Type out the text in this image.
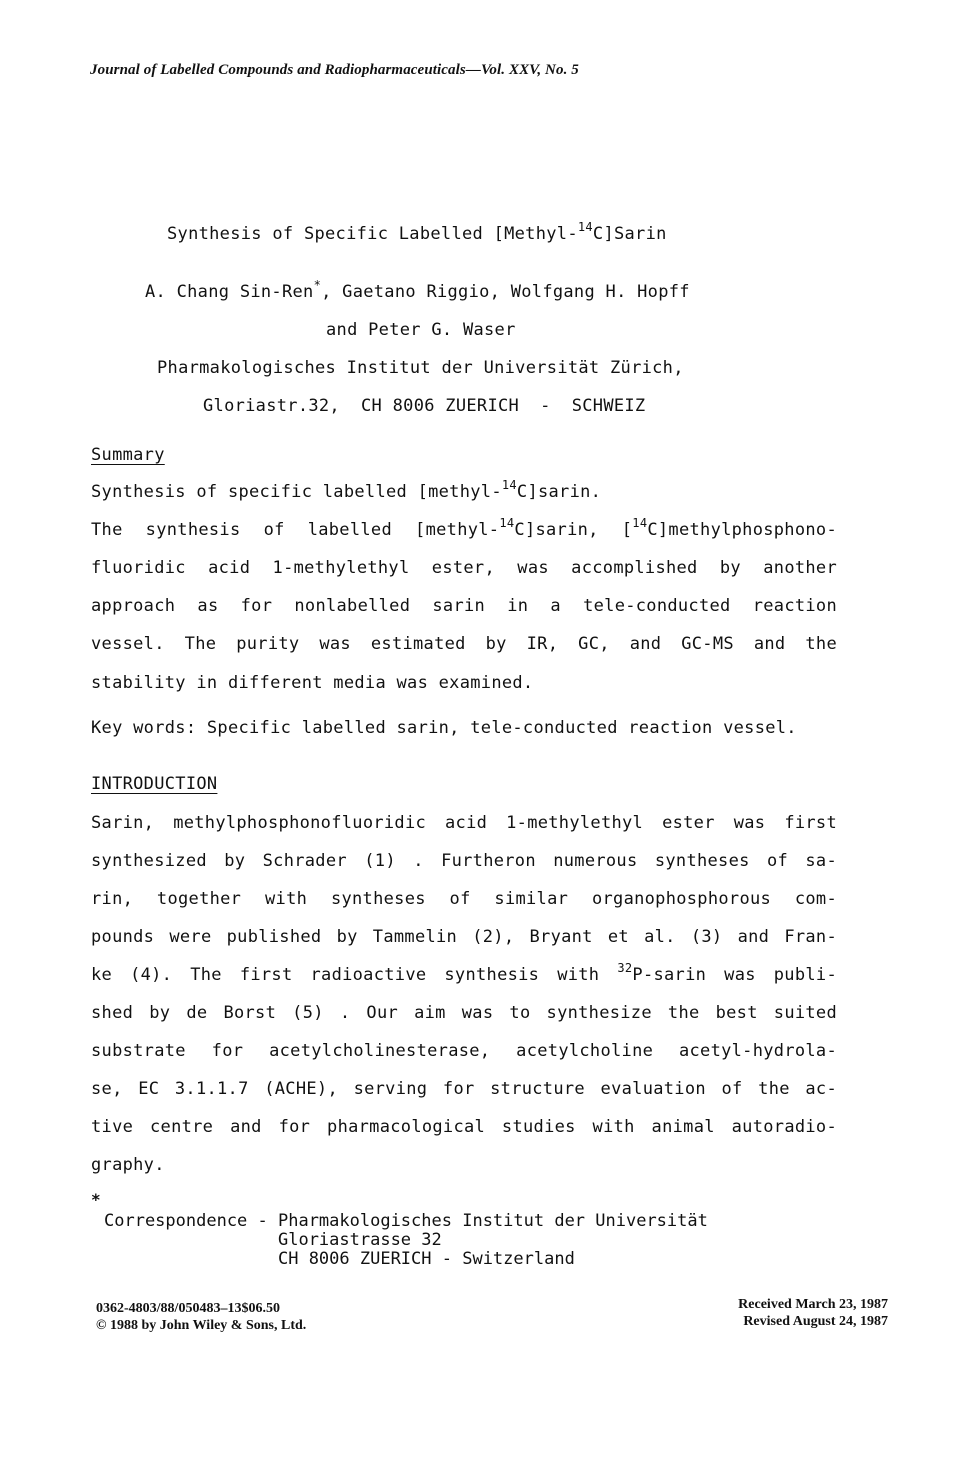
Journal of Labelled Compounds and Radiopharmaceuticals—Vol. XXV, No. 5
Synthesis of Specific Labelled [Methyl-$^{14}$C]Sarin
A. Chang Sin-Ren*, Gaetano Riggio, Wolfgang H. Hopff
and Peter G. Waser
Pharmakologisches Institut der Universität Zürich,
Gloriastr.32,  CH 8006 ZUERICH  -  SCHWEIZ
Summary
Synthesis of specific labelled [methyl-$^{14}$C]sarin.
The synthesis of labelled [methyl-$^{14}$C]sarin, [$^{14}$C]methylphosphono-
fluoridic acid 1-methylethyl ester, was accomplished by another
approach as for nonlabelled sarin in a tele-conducted reaction
vessel. The purity was estimated by IR, GC, and GC-MS and the
stability in different media was examined.
Key words: Specific labelled sarin, tele-conducted reaction vessel.
INTRODUCTION
Sarin, methylphosphonofluoridic acid 1-methylethyl ester was first
synthesized by Schrader (1) . Furtheron numerous syntheses of sa-
rin, together with syntheses of similar organophosphorous com-
pounds were published by Tammelin (2), Bryant et al. (3) and Fran-
ke (4). The first radioactive synthesis with $^{32}$P-sarin was publi-
shed by de Borst (5) . Our aim was to synthesize the best suited
substrate for acetylcholinesterase, acetylcholine acetyl-hydrola-
se, EC 3.1.1.7 (ACHE), serving for structure evaluation of the ac-
tive centre and for pharmacological studies with animal autoradio-
graphy.
*
Correspondence - Pharmakologisches Institut der Universität
Gloriastrasse 32
CH 8006 ZUERICH - Switzerland
0362-4803/88/050483–13$06.50
© 1988 by John Wiley & Sons, Ltd.
Received March 23, 1987
Revised August 24, 1987
